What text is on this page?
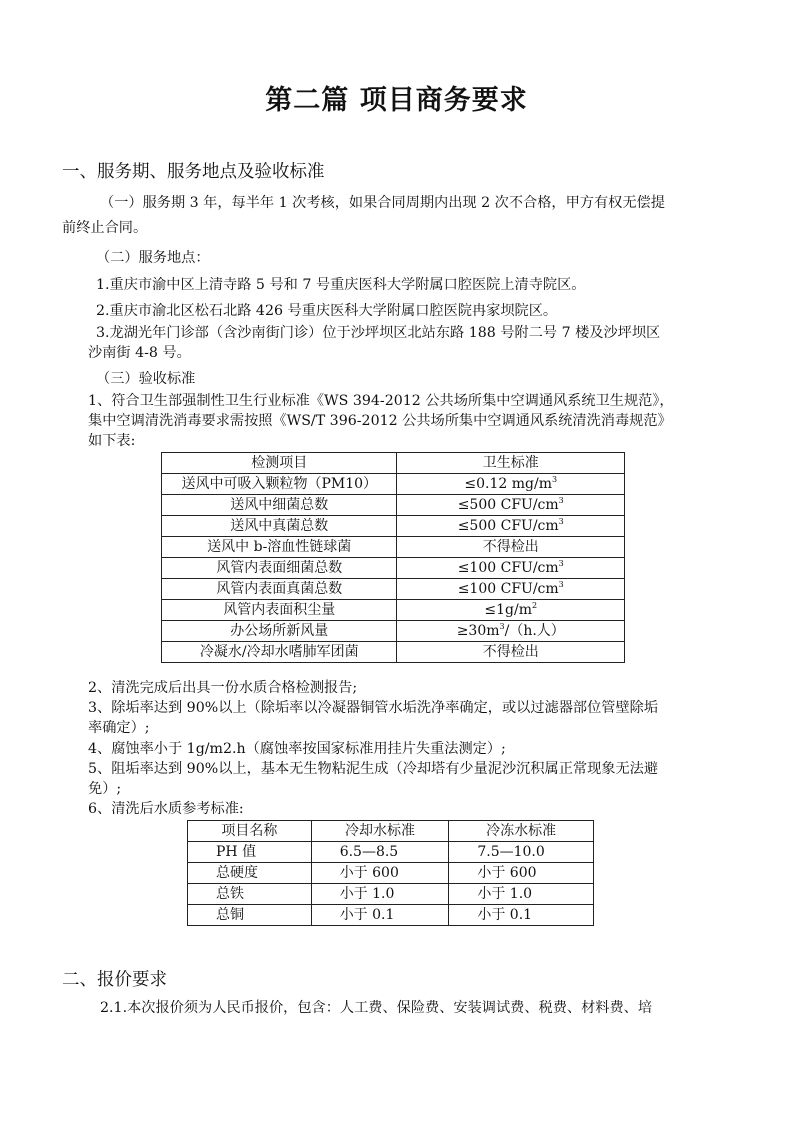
第二篇 项目商务要求
一、服务期、服务地点及验收标准
（一）服务期 3 年，每半年 1 次考核，如果合同周期内出现 2 次不合格，甲方有权无偿提
前终止合同。
（二）服务地点：
1.重庆市渝中区上清寺路 5 号和 7 号重庆医科大学附属口腔医院上清寺院区。
2.重庆市渝北区松石北路 426 号重庆医科大学附属口腔医院冉家坝院区。
3.龙湖光年门诊部（含沙南街门诊）位于沙坪坝区北站东路 188 号附二号 7 楼及沙坪坝区
沙南街 4-8 号。
（三）验收标准
1、符合卫生部强制性卫生行业标准《WS 394-2012 公共场所集中空调通风系统卫生规范》，
集中空调清洗消毒要求需按照《WS/T 396-2012 公共场所集中空调通风系统清洗消毒规范》
如下表:
检测项目	卫生标准
送风中可吸入颗粒物（PM10）	≤0.12 $mg/m^3$
送风中细菌总数	≤500 CFU/$cm^3$
送风中真菌总数	≤500 CFU/$cm^3$
送风中 b-溶血性链球菌	不得检出
风管内表面细菌总数	≤100 CFU/$cm^3$
风管内表面真菌总数	≤100 CFU/$cm^3$
风管内表面积尘量	$\le 1g/m^2$
办公场所新风量	$\ge 30m^3/(h$.人）
冷凝水/冷却水嗜肺军团菌	不得检出
2、清洗完成后出具一份水质合格检测报告;
3、除垢率达到 90%以上（除垢率以冷凝器铜管水垢洗净率确定，或以过滤器部位管壁除垢
率确定）;
4、腐蚀率小于 1g/m2.h（腐蚀率按国家标准用挂片失重法测定）;
5、阻垢率达到 90%以上，基本无生物粘泥生成（冷却塔有少量泥沙沉积属正常现象无法避
免）;
6、清洗后水质参考标准:
项目名称	冷却水标准	冷冻水标准
PH 值	6.5—8.5	7.5—10.0
总硬度	小于 600	小于 600
总铁	小于 1.0	小于 1.0
总铜	小于 0.1	小于 0.1
二、报价要求
2.1.本次报价须为人民币报价，包含：人工费、保险费、安装调试费、税费、材料费、培
